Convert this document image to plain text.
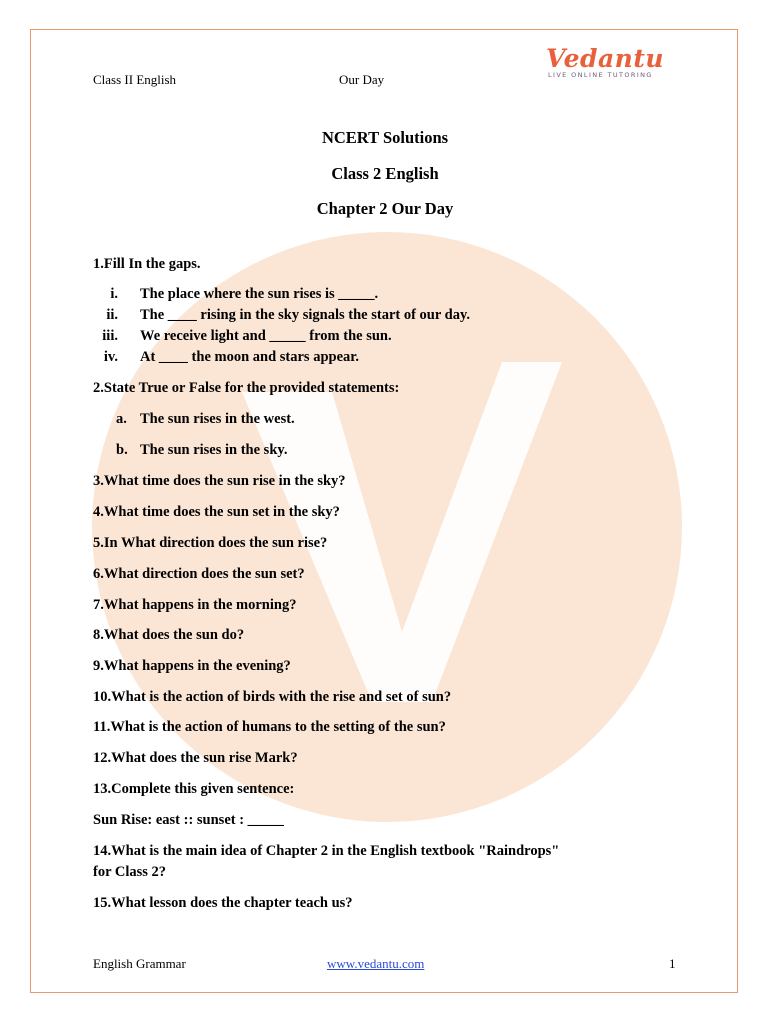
Class II English	Our Day
Vedantu
LIVE ONLINE TUTORING
NCERT Solutions
Class 2 English
Chapter 2 Our Day
1.Fill In the gaps.
i. The place where the sun rises is _____.
ii. The ____ rising in the sky signals the start of our day.
iii. We receive light and _____ from the sun.
iv. At ____ the moon and stars appear.
2.State True or False for the provided statements:
a. The sun rises in the west.
b. The sun rises in the sky.
3.What time does the sun rise in the sky?
4.What time does the sun set in the sky?
5.In What direction does the sun rise?
6.What direction does the sun set?
7.What happens in the morning?
8.What does the sun do?
9.What happens in the evening?
10.What is the action of birds with the rise and set of sun?
11.What is the action of humans to the setting of the sun?
12.What does the sun rise Mark?
13.Complete this given sentence:
Sun Rise: east :: sunset : _____
14.What is the main idea of Chapter 2 in the English textbook "Raindrops"
for Class 2?
15.What lesson does the chapter teach us?
English Grammar	www.vedantu.com	1
